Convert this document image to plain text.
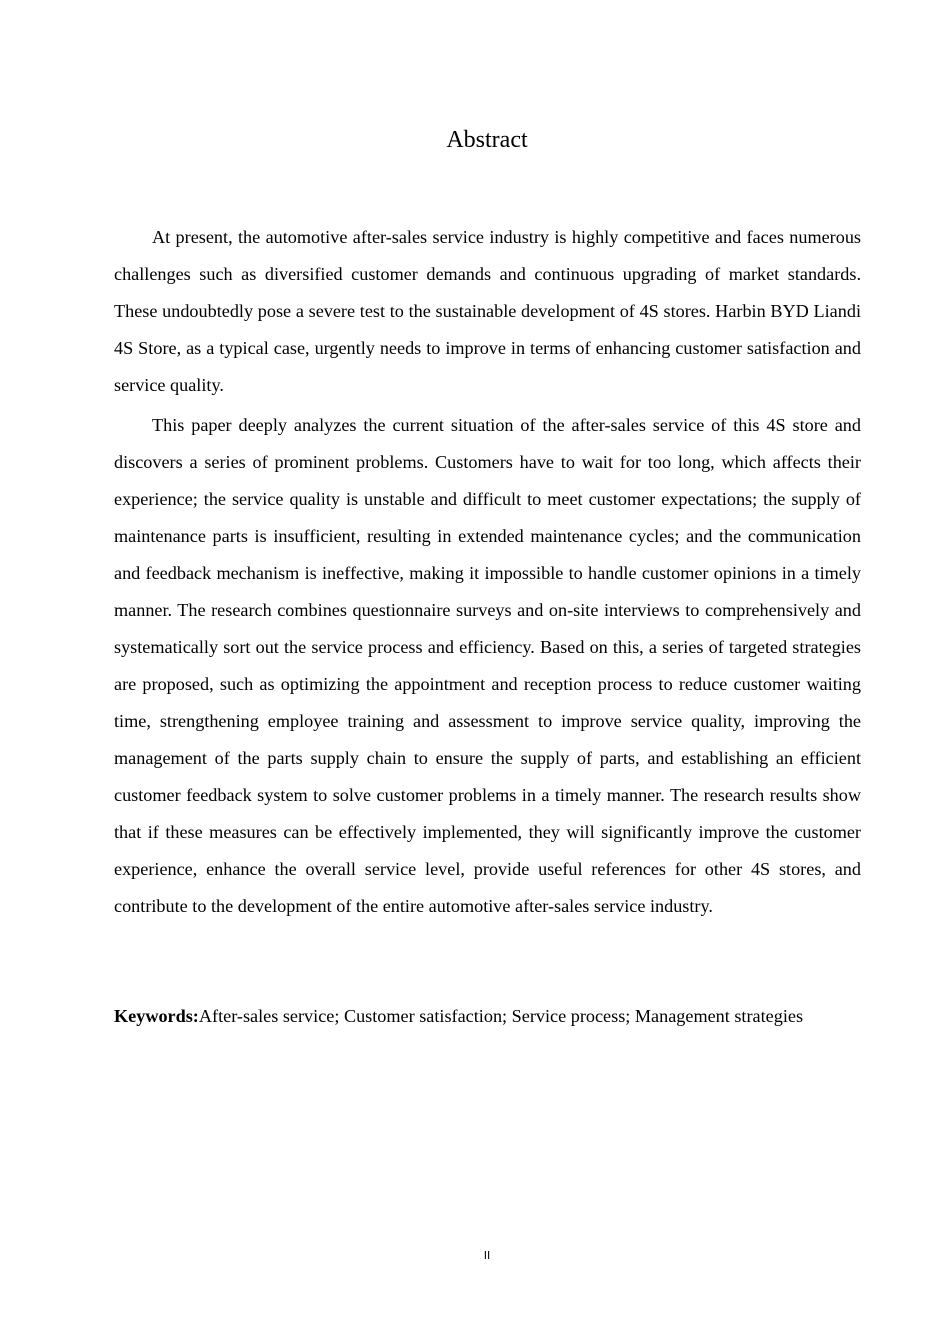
Abstract

At present, the automotive after-sales service industry is highly competitive and faces numerous challenges such as diversified customer demands and continuous upgrading of market standards. These undoubtedly pose a severe test to the sustainable development of 4S stores. Harbin BYD Liandi 4S Store, as a typical case, urgently needs to improve in terms of enhancing customer satisfaction and service quality.

This paper deeply analyzes the current situation of the after-sales service of this 4S store and discovers a series of prominent problems. Customers have to wait for too long, which affects their experience; the service quality is unstable and difficult to meet customer expectations; the supply of maintenance parts is insufficient, resulting in extended maintenance cycles; and the communication and feedback mechanism is ineffective, making it impossible to handle customer opinions in a timely manner. The research combines questionnaire surveys and on-site interviews to comprehensively and systematically sort out the service process and efficiency. Based on this, a series of targeted strategies are proposed, such as optimizing the appointment and reception process to reduce customer waiting time, strengthening employee training and assessment to improve service quality, improving the management of the parts supply chain to ensure the supply of parts, and establishing an efficient customer feedback system to solve customer problems in a timely manner. The research results show that if these measures can be effectively implemented, they will significantly improve the customer experience, enhance the overall service level, provide useful references for other 4S stores, and contribute to the development of the entire automotive after-sales service industry.

Keywords:After-sales service; Customer satisfaction; Service process; Management strategies

II
